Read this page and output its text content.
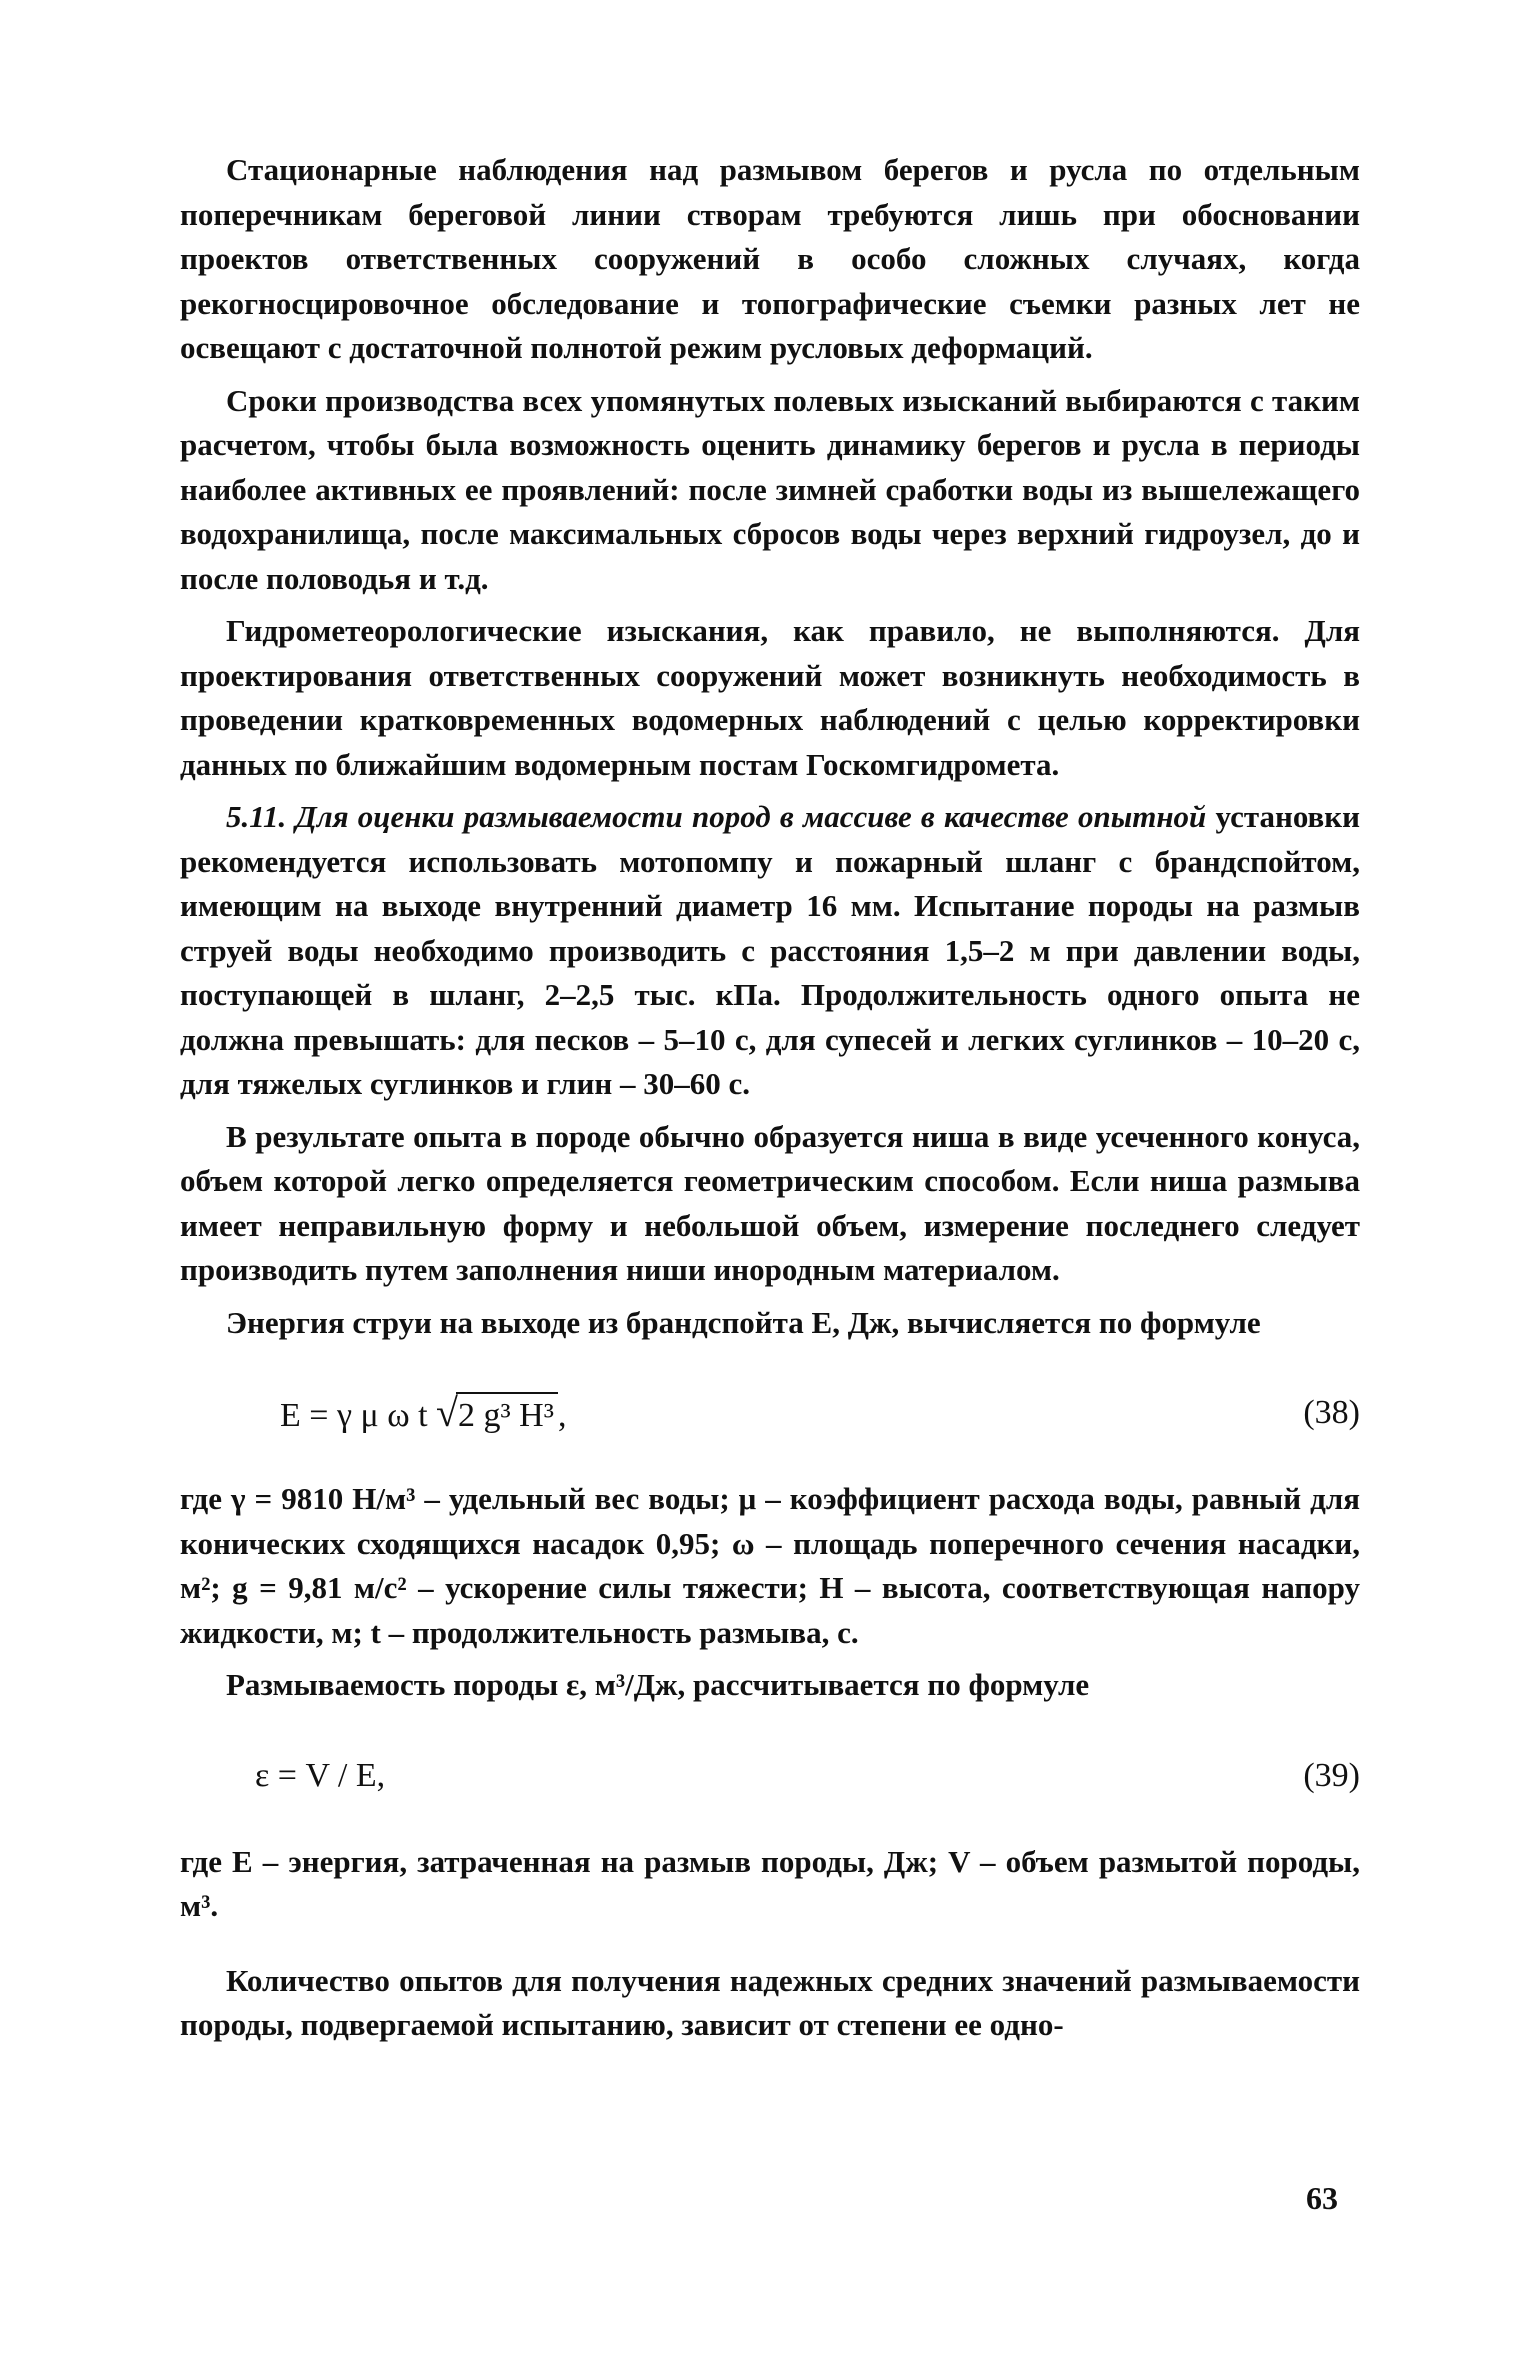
Стационарные наблюдения над размывом берегов и русла по отдельным поперечникам береговой линии створам требуются лишь при обосновании проектов ответственных сооружений в особо сложных случаях, когда рекогносцировочное обследование и топографические съемки разных лет не освещают с достаточной полнотой режим русловых деформаций.

Сроки производства всех упомянутых полевых изысканий выбираются с таким расчетом, чтобы была возможность оценить динамику берегов и русла в периоды наиболее активных ее проявлений: после зимней сработки воды из вышележащего водохранилища, после максимальных сбросов воды через верхний гидроузел, до и после половодья и т.д.

Гидрометеорологические изыскания, как правило, не выполняются. Для проектирования ответственных сооружений может возникнуть необходимость в проведении кратковременных водомерных наблюдений с целью корректировки данных по ближайшим водомерным постам Госкомгидромета.

5.11. Для оценки размываемости пород в массиве в качестве опытной установки рекомендуется использовать мотопомпу и пожарный шланг с брандспойтом, имеющим на выходе внутренний диаметр 16 мм. Испытание породы на размыв струей воды необходимо производить с расстояния 1,5–2 м при давлении воды, поступающей в шланг, 2–2,5 тыс. кПа. Продолжительность одного опыта не должна превышать: для песков – 5–10 с, для супесей и легких суглинков – 10–20 с, для тяжелых суглинков и глин – 30–60 с.

В результате опыта в породе обычно образуется ниша в виде усеченного конуса, объем которой легко определяется геометрическим способом. Если ниша размыва имеет неправильную форму и небольшой объем, измерение последнего следует производить путем заполнения ниши инородным материалом.

Энергия струи на выходе из брандспойта Е, Дж, вычисляется по формуле

E = γ μ ω t √2 g³ H³ ,	(38)

где γ = 9810 Н/м³ – удельный вес воды; μ – коэффициент расхода воды, равный для конических сходящихся насадок 0,95; ω – площадь поперечного сечения насадки, м²; g = 9,81 м/с² – ускорение силы тяжести; Н – высота, соответствующая напору жидкости, м; t – продолжительность размыва, с.

Размываемость породы ε, м³/Дж, рассчитывается по формуле

ε = V / E,	(39)

где Е – энергия, затраченная на размыв породы, Дж; V – объем размытой породы, м³.

Количество опытов для получения надежных средних значений размываемости породы, подвергаемой испытанию, зависит от степени ее одно-

63
